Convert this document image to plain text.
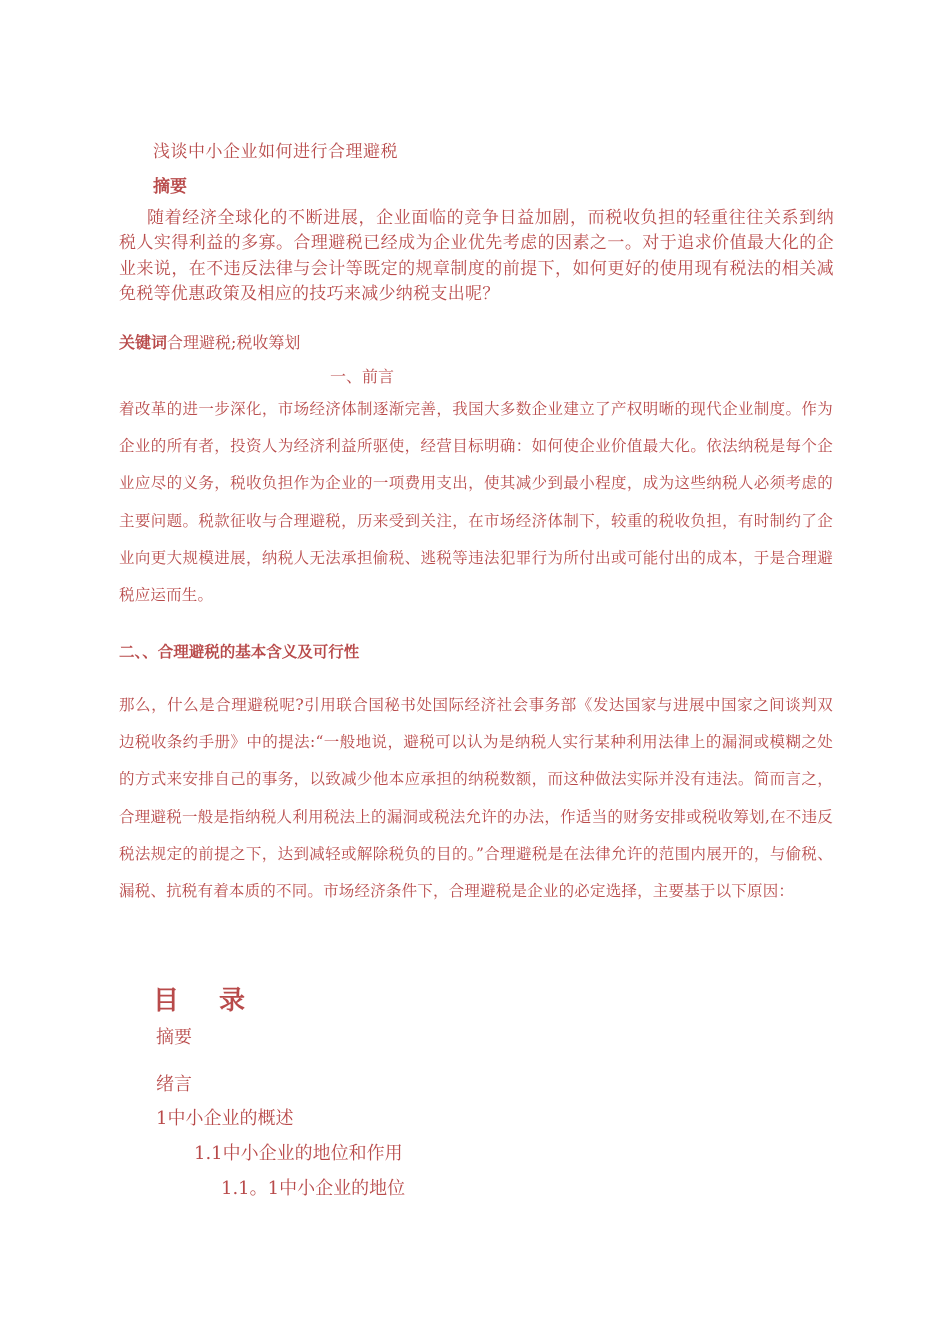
浅谈中小企业如何进行合理避税
摘要
随着经济全球化的不断进展，企业面临的竞争日益加剧，而税收负担的轻重往往关系到纳税人实得利益的多寡。合理避税已经成为企业优先考虑的因素之一。对于追求价值最大化的企业来说，在不违反法律与会计等既定的规章制度的前提下，如何更好的使用现有税法的相关减免税等优惠政策及相应的技巧来减少纳税支出呢？
关键词合理避税;税收筹划
一、前言
着改革的进一步深化，市场经济体制逐渐完善，我国大多数企业建立了产权明晰的现代企业制度。作为企业的所有者，投资人为经济利益所驱使，经营目标明确：如何使企业价值最大化。依法纳税是每个企业应尽的义务，税收负担作为企业的一项费用支出，使其减少到最小程度，成为这些纳税人必须考虑的主要问题。税款征收与合理避税，历来受到关注，在市场经济体制下，较重的税收负担，有时制约了企业向更大规模进展，纳税人无法承担偷税、逃税等违法犯罪行为所付出或可能付出的成本，于是合理避税应运而生。
二、、合理避税的基本含义及可行性
那么，什么是合理避税呢?引用联合国秘书处国际经济社会事务部《发达国家与进展中国家之间谈判双边税收条约手册》中的提法:“一般地说，避税可以认为是纳税人实行某种利用法律上的漏洞或模糊之处的方式来安排自己的事务，以致减少他本应承担的纳税数额，而这种做法实际并没有违法。简而言之，合理避税一般是指纳税人利用税法上的漏洞或税法允许的办法，作适当的财务安排或税收筹划,在不违反税法规定的前提之下，达到减轻或解除税负的目的。”合理避税是在法律允许的范围内展开的，与偷税、漏税、抗税有着本质的不同。市场经济条件下，合理避税是企业的必定选择，主要基于以下原因：
目录
摘要
绪言
1中小企业的概述
1.1中小企业的地位和作用
1.1。1中小企业的地位
